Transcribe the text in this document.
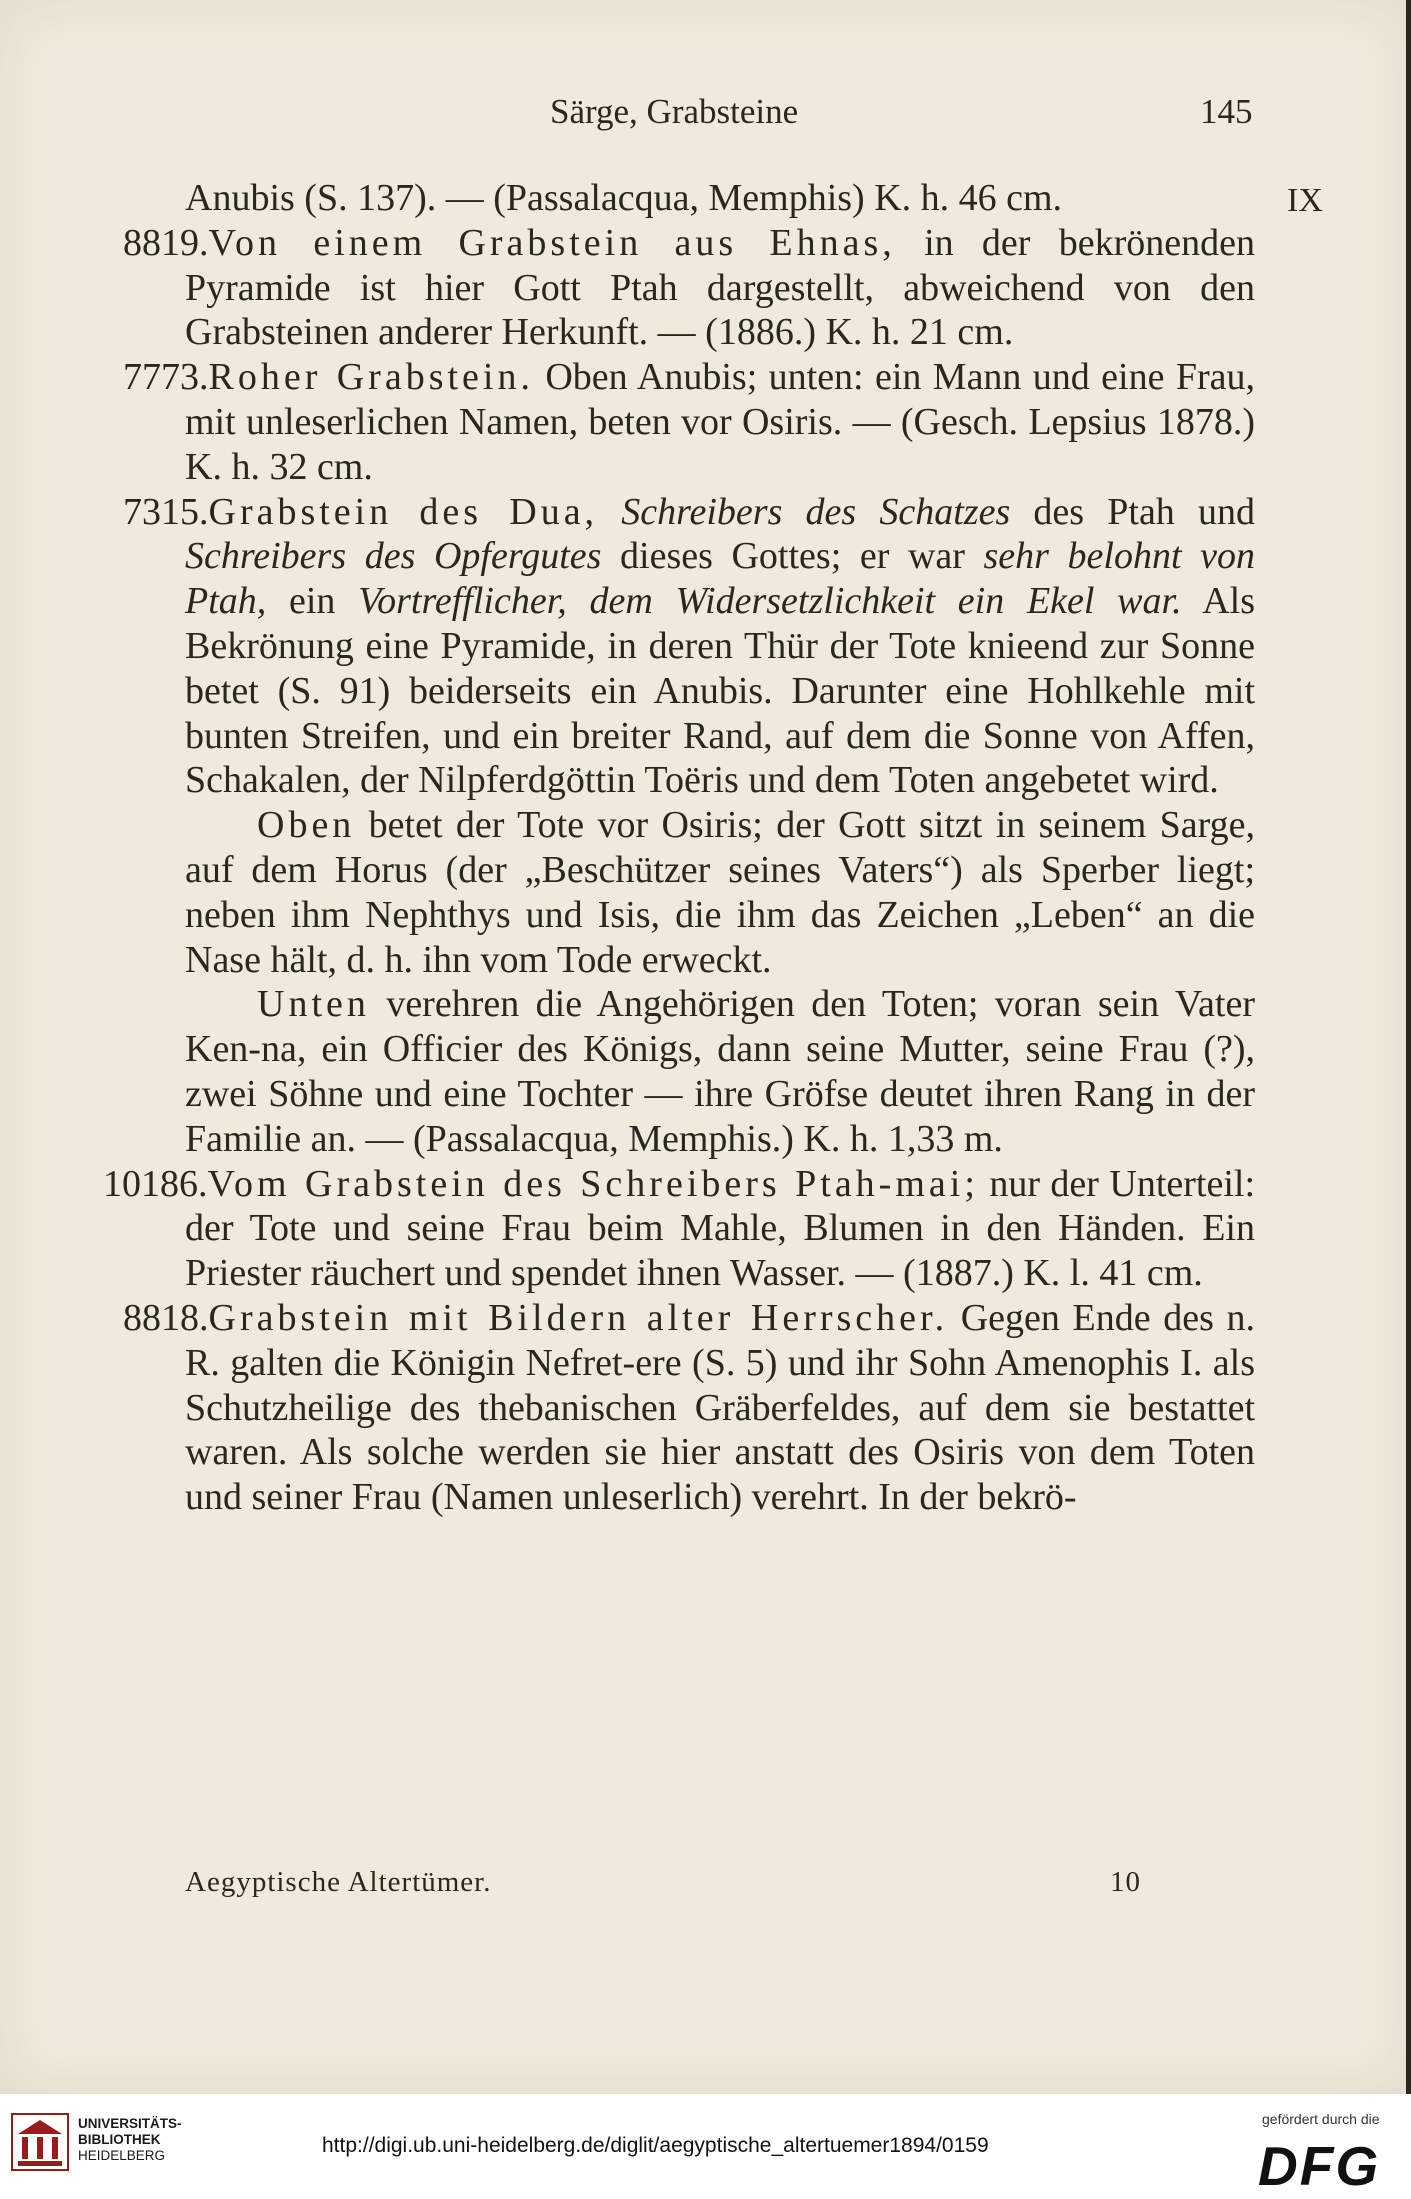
Särge, Grabsteine	145
IX

Anubis (S. 137). — (Passalacqua, Memphis) K. h. 46 cm.

8819.Von einem Grabstein aus Ehnas, in der bekrönenden Pyramide ist hier Gott Ptah dargestellt, abweichend von den Grabsteinen anderer Herkunft. — (1886.) K. h. 21 cm.

7773.Roher Grabstein. Oben Anubis; unten: ein Mann und eine Frau, mit unleserlichen Namen, beten vor Osiris. — (Gesch. Lepsius 1878.) K. h. 32 cm.

7315.Grabstein des Dua, Schreibers des Schatzes des Ptah und Schreibers des Opfergutes dieses Gottes; er war sehr belohnt von Ptah, ein Vortrefflicher, dem Widersetzlichkeit ein Ekel war. Als Bekrönung eine Pyramide, in deren Thür der Tote knieend zur Sonne betet (S. 91) beiderseits ein Anubis. Darunter eine Hohlkehle mit bunten Streifen, und ein breiter Rand, auf dem die Sonne von Affen, Schakalen, der Nilpferdgöttin Toëris und dem Toten angebetet wird.

Oben betet der Tote vor Osiris; der Gott sitzt in seinem Sarge, auf dem Horus (der „Beschützer seines Vaters“) als Sperber liegt; neben ihm Nephthys und Isis, die ihm das Zeichen „Leben“ an die Nase hält, d. h. ihn vom Tode erweckt.

Unten verehren die Angehörigen den Toten; voran sein Vater Ken-na, ein Officier des Königs, dann seine Mutter, seine Frau (?), zwei Söhne und eine Tochter — ihre Gröfse deutet ihren Rang in der Familie an. — (Passalacqua, Memphis.) K. h. 1,33 m.

10186.Vom Grabstein des Schreibers Ptah-mai; nur der Unterteil: der Tote und seine Frau beim Mahle, Blumen in den Händen. Ein Priester räuchert und spendet ihnen Wasser. — (1887.) K. l. 41 cm.

8818.Grabstein mit Bildern alter Herrscher. Gegen Ende des n. R. galten die Königin Nefret-ere (S. 5) und ihr Sohn Amenophis I. als Schutzheilige des thebanischen Gräberfeldes, auf dem sie bestattet waren. Als solche werden sie hier anstatt des Osiris von dem Toten und seiner Frau (Namen unleserlich) verehrt. In der bekrö-

Aegyptische Altertümer.	10
UNIVERSITÄTS-
BIBLIOTHEK
HEIDELBERG	http://digi.ub.uni-heidelberg.de/diglit/aegyptische_altertuemer1894/0159
gefördert durch die
DFG
